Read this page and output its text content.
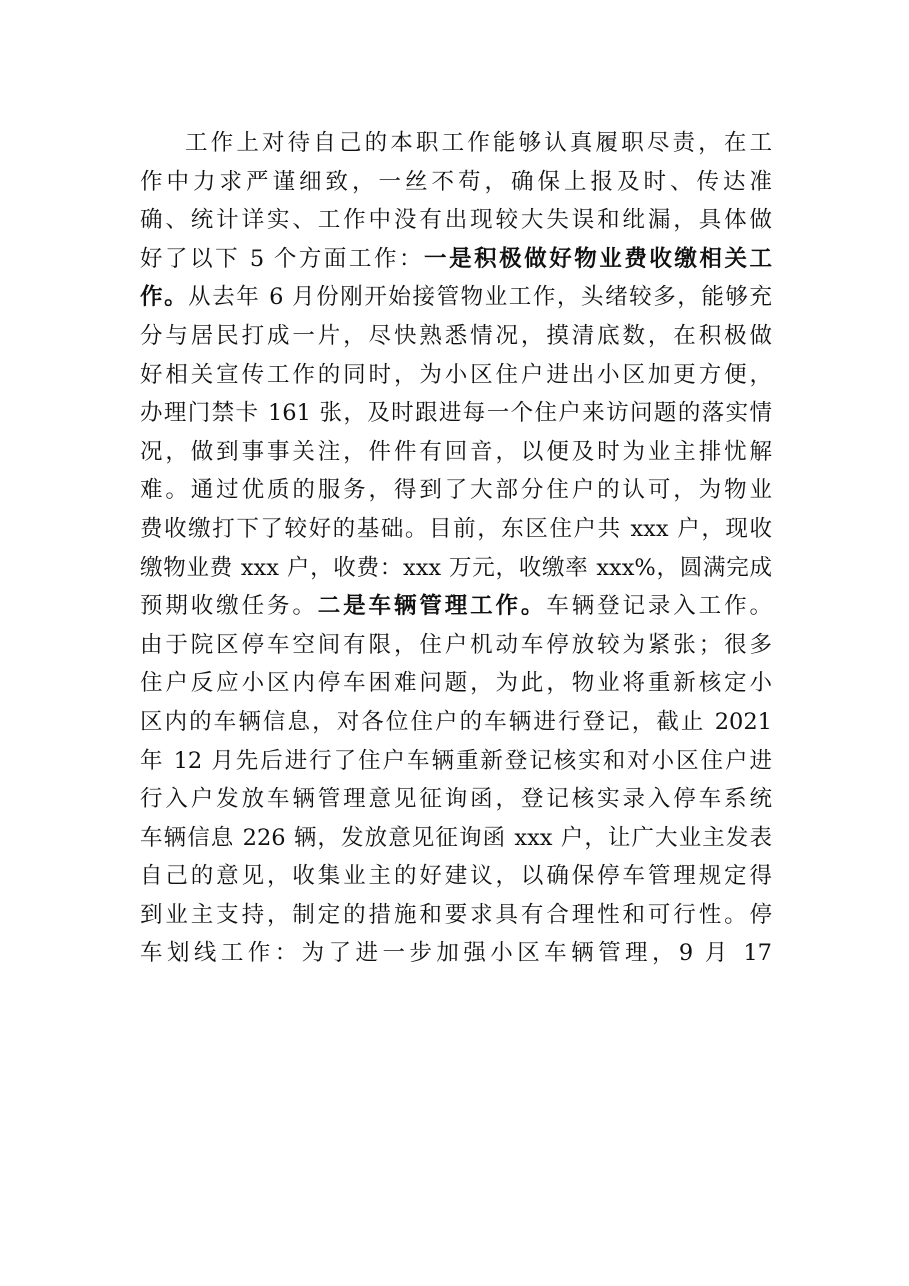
工作上对待自己的本职工作能够认真履职尽责，在工
作中力求严谨细致，一丝不苟，确保上报及时、传达准
确、统计详实、工作中没有出现较大失误和纰漏，具体做
好了以下 5 个方面工作：一是积极做好物业费收缴相关工
作。从去年 6 月份刚开始接管物业工作，头绪较多，能够充
分与居民打成一片，尽快熟悉情况，摸清底数，在积极做
好相关宣传工作的同时，为小区住户进出小区加更方便，
办理门禁卡 161 张，及时跟进每一个住户来访问题的落实情
况，做到事事关注，件件有回音，以便及时为业主排忧解
难。通过优质的服务，得到了大部分住户的认可，为物业
费收缴打下了较好的基础。目前，东区住户共 xxx 户，现收
缴物业费 xxx 户，收费：xxx 万元，收缴率 xxx%，圆满完成
预期收缴任务。二是车辆管理工作。车辆登记录入工作。
由于院区停车空间有限，住户机动车停放较为紧张；很多
住户反应小区内停车困难问题，为此，物业将重新核定小
区内的车辆信息，对各位住户的车辆进行登记，截止 2021
年 12 月先后进行了住户车辆重新登记核实和对小区住户进
行入户发放车辆管理意见征询函，登记核实录入停车系统
车辆信息 226 辆，发放意见征询函 xxx 户，让广大业主发表
自己的意见，收集业主的好建议，以确保停车管理规定得
到业主支持，制定的措施和要求具有合理性和可行性。停
车划线工作：为了进一步加强小区车辆管理，9 月 17
